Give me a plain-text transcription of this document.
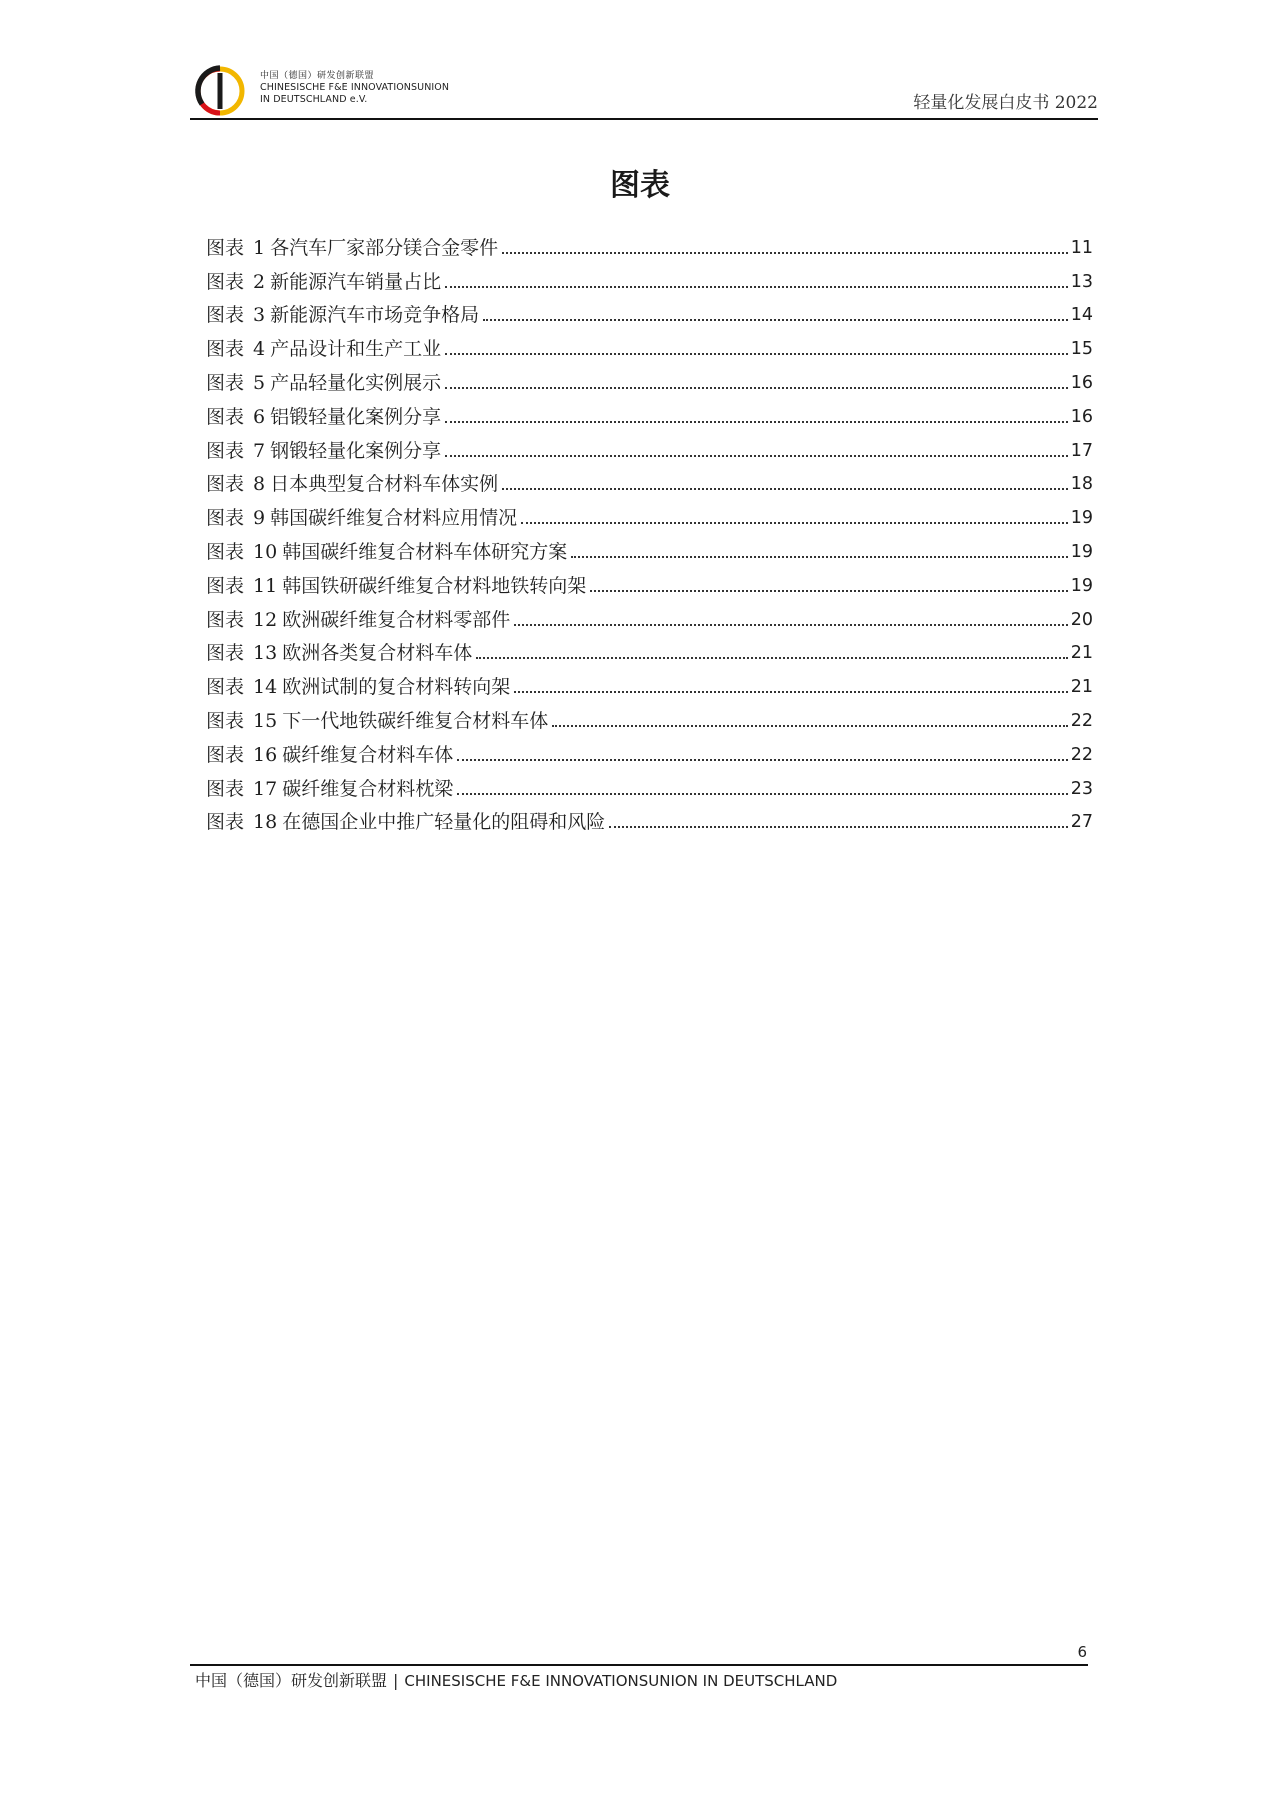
中国（德国）研发创新联盟
CHINESISCHE F&E INNOVATIONSUNION
IN DEUTSCHLAND e.V.	轻量化发展白皮书 2022
图表
图表 1 各汽车厂家部分镁合金零件	11
图表 2 新能源汽车销量占比	13
图表 3 新能源汽车市场竞争格局	14
图表 4 产品设计和生产工业	15
图表 5 产品轻量化实例展示	16
图表 6 铝锻轻量化案例分享	16
图表 7 钢锻轻量化案例分享	17
图表 8 日本典型复合材料车体实例	18
图表 9 韩国碳纤维复合材料应用情况	19
图表 10 韩国碳纤维复合材料车体研究方案	19
图表 11 韩国铁研碳纤维复合材料地铁转向架	19
图表 12 欧洲碳纤维复合材料零部件	20
图表 13 欧洲各类复合材料车体	21
图表 14 欧洲试制的复合材料转向架	21
图表 15 下一代地铁碳纤维复合材料车体	22
图表 16 碳纤维复合材料车体	22
图表 17 碳纤维复合材料枕梁	23
图表 18 在德国企业中推广轻量化的阻碍和风险	27
6
中国（德国）研发创新联盟 | CHINESISCHE F&E INNOVATIONSUNION IN DEUTSCHLAND
